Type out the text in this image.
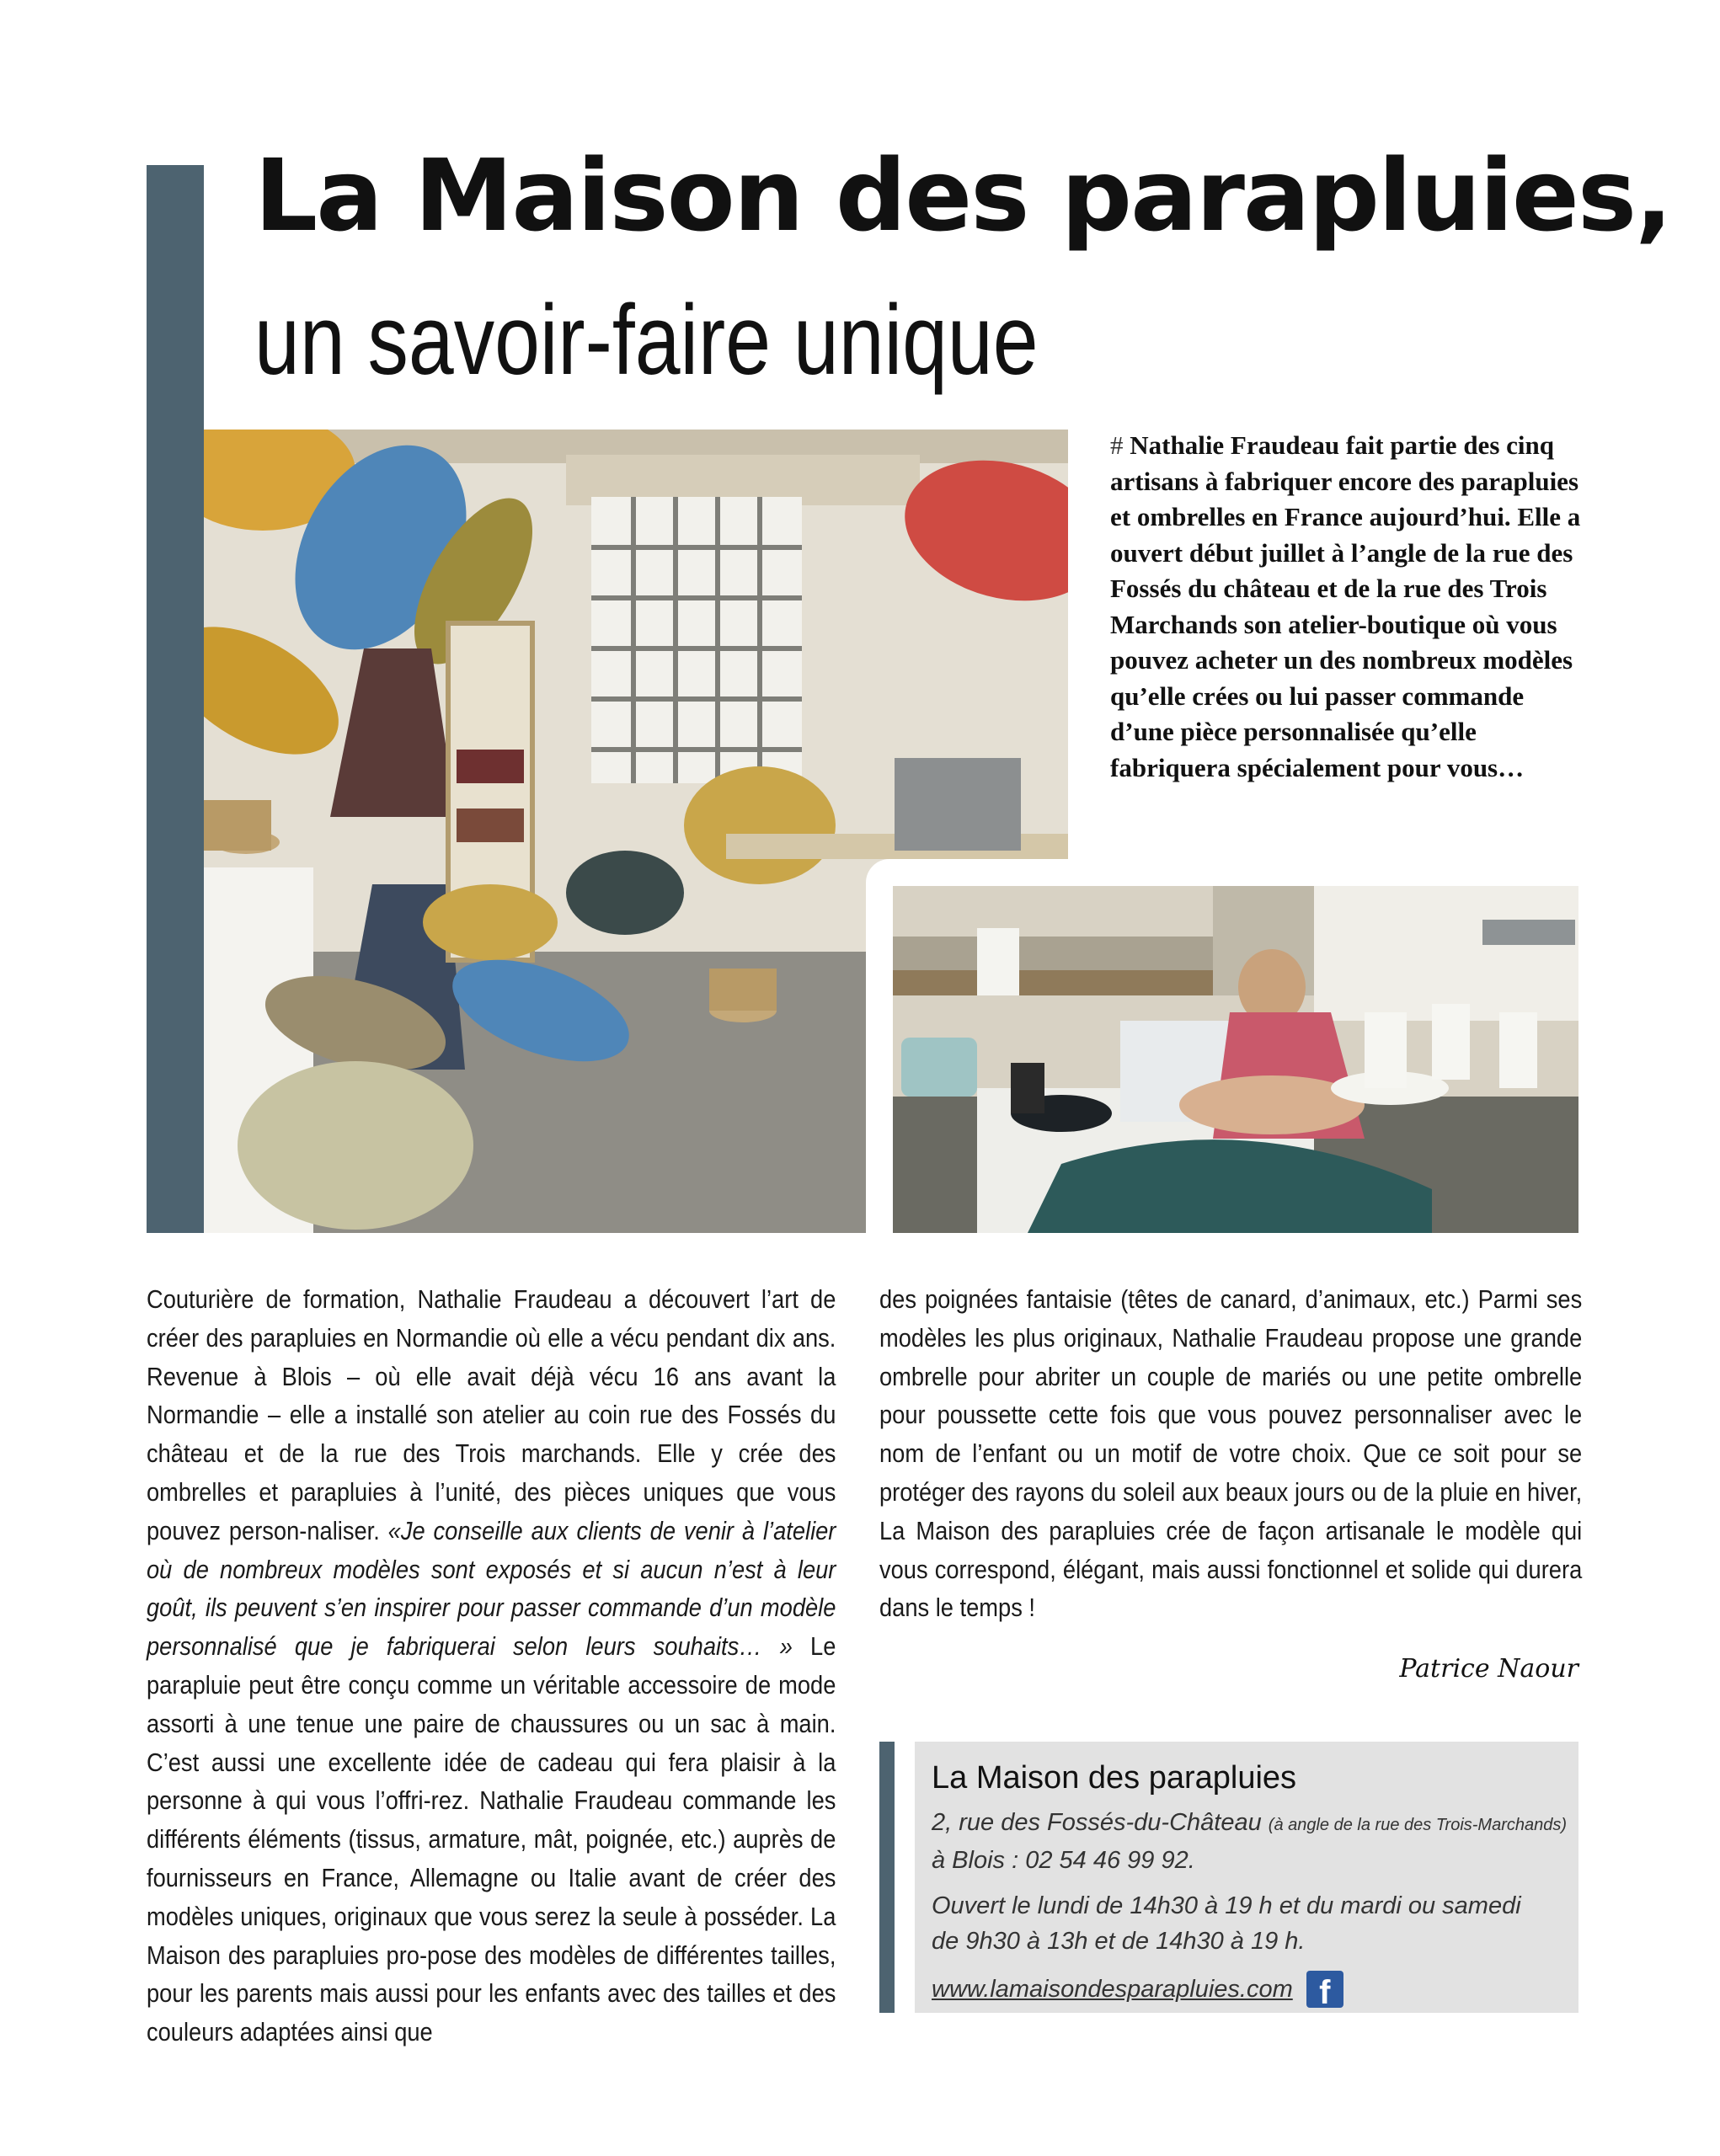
La Maison des parapluies,
un savoir-faire unique

# Nathalie Fraudeau fait partie des cinq artisans à fabriquer encore des parapluies et ombrelles en France aujourd’hui. Elle a ouvert début juillet à l’angle de la rue des Fossés du château et de la rue des Trois Marchands son atelier-boutique où vous pouvez acheter un des nombreux modèles qu’elle crées ou lui passer commande d’une pièce personnalisée qu’elle fabriquera spécialement pour vous…

Couturière de formation, Nathalie Fraudeau a découvert l’art de créer des parapluies en Normandie où elle a vécu pendant dix ans. Revenue à Blois – où elle avait déjà vécu 16 ans avant la Normandie – elle a installé son atelier au coin rue des Fossés du château et de la rue des Trois marchands. Elle y crée des ombrelles et parapluies à l’unité, des pièces uniques que vous pouvez person-naliser. «Je conseille aux clients de venir à l’atelier où de nombreux modèles sont exposés et si aucun n’est à leur goût, ils peuvent s’en inspirer pour passer commande d’un modèle personnalisé que je fabriquerai selon leurs souhaits… » Le parapluie peut être conçu comme un véritable accessoire de mode assorti à une tenue une paire de chaussures ou un sac à main. C’est aussi une excellente idée de cadeau qui fera plaisir à la personne à qui vous l’offri-rez. Nathalie Fraudeau commande les différents éléments (tissus, armature, mât, poignée, etc.) auprès de fournisseurs en France, Allemagne ou Italie avant de créer des modèles uniques, originaux que vous serez la seule à posséder. La Maison des parapluies pro-pose des modèles de différentes tailles, pour les parents mais aussi pour les enfants avec des tailles et des couleurs adaptées ainsi que

des poignées fantaisie (têtes de canard, d’animaux, etc.) Parmi ses modèles les plus originaux, Nathalie Fraudeau propose une grande ombrelle pour abriter un couple de mariés ou une petite ombrelle pour poussette cette fois que vous pouvez personnaliser avec le nom de l’enfant ou un motif de votre choix. Que ce soit pour se protéger des rayons du soleil aux beaux jours ou de la pluie en hiver, La Maison des parapluies crée de façon artisanale le modèle qui vous correspond, élégant, mais aussi fonctionnel et solide qui durera dans le temps !

Patrice Naour

La Maison des parapluies

2, rue des Fossés-du-Château (à angle de la rue des Trois-Marchands)

à Blois : 02 54 46 99 92.

Ouvert le lundi de 14h30 à 19 h et du mardi ou samedi

de 9h30 à 13h et de 14h30 à 19 h.

www.lamaisondesparapluies.com f
